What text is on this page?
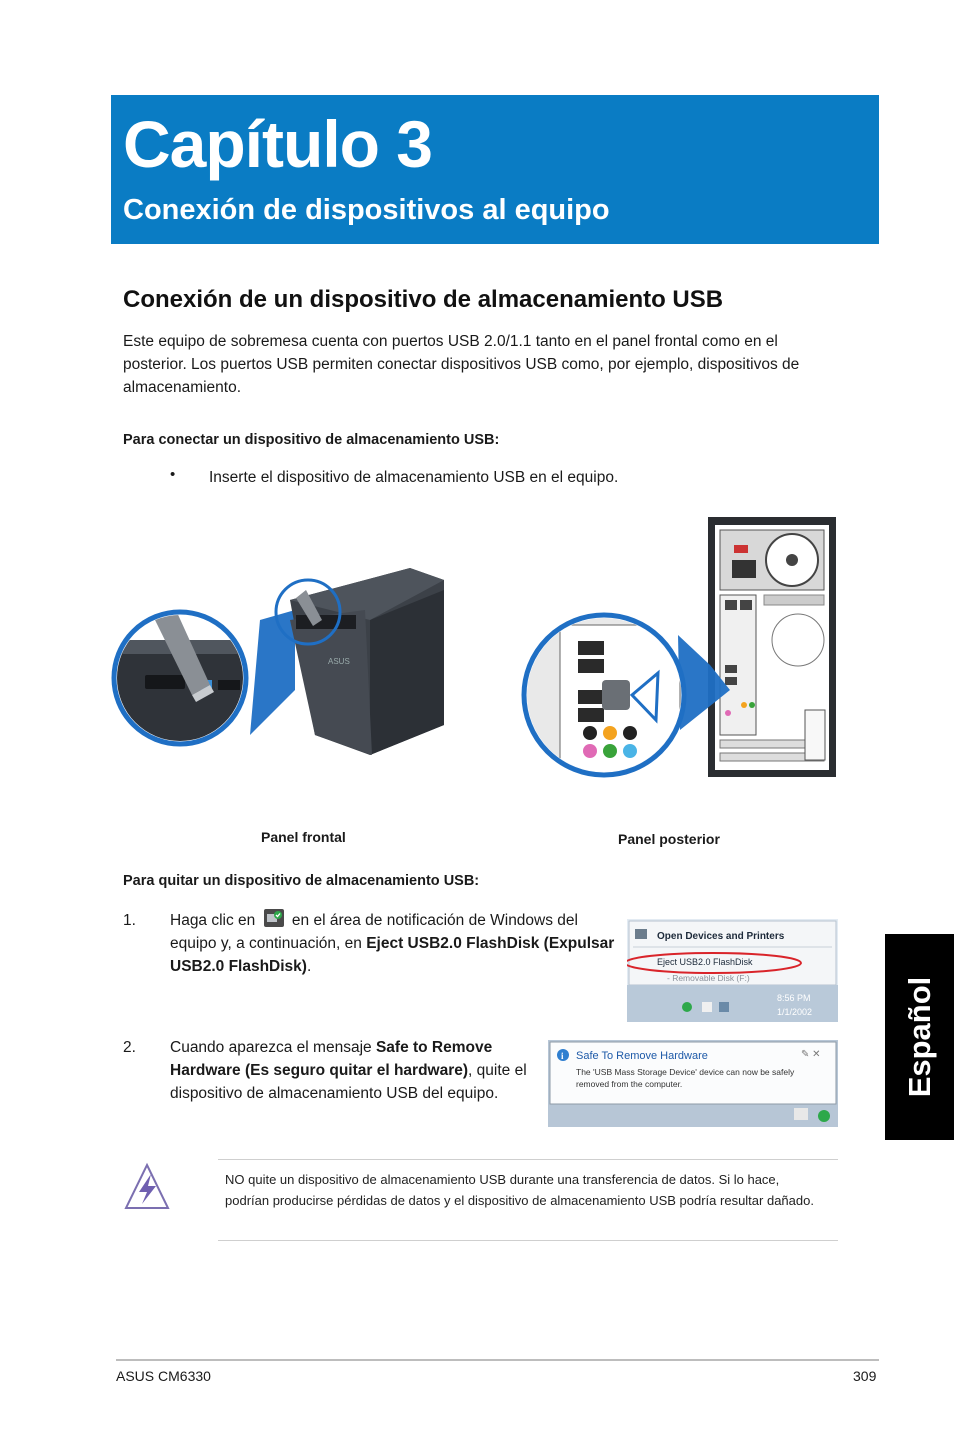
Capítulo 3
Conexión de dispositivos al equipo
Conexión de un dispositivo de almacenamiento USB
Este equipo de sobremesa cuenta con puertos USB 2.0/1.1 tanto en el panel frontal como en el posterior. Los puertos USB permiten conectar dispositivos USB como, por ejemplo, dispositivos de almacenamiento.
Para conectar un dispositivo de almacenamiento USB:
• Inserte el dispositivo de almacenamiento USB en el equipo.
ASUS
Panel frontal	Panel posterior
Para quitar un dispositivo de almacenamiento USB:
1. Haga clic en en el área de notificación de Windows del equipo y, a continuación, en Eject USB2.0 FlashDisk (Expulsar USB2.0 FlashDisk).
Open Devices and Printers
Eject USB2.0 FlashDisk
- Removable Disk (F:)
8:56 PM
1/1/2002
2. Cuando aparezca el mensaje Safe to Remove Hardware (Es seguro quitar el hardware), quite el dispositivo de almacenamiento USB del equipo.
i Safe To Remove Hardware	✎ ✕
The 'USB Mass Storage Device' device can now be safely
removed from the computer.
NO quite un dispositivo de almacenamiento USB durante una transferencia de datos. Si lo hace, podrían producirse pérdidas de datos y el dispositivo de almacenamiento USB podría resultar dañado.
Español
ASUS CM6330	309
